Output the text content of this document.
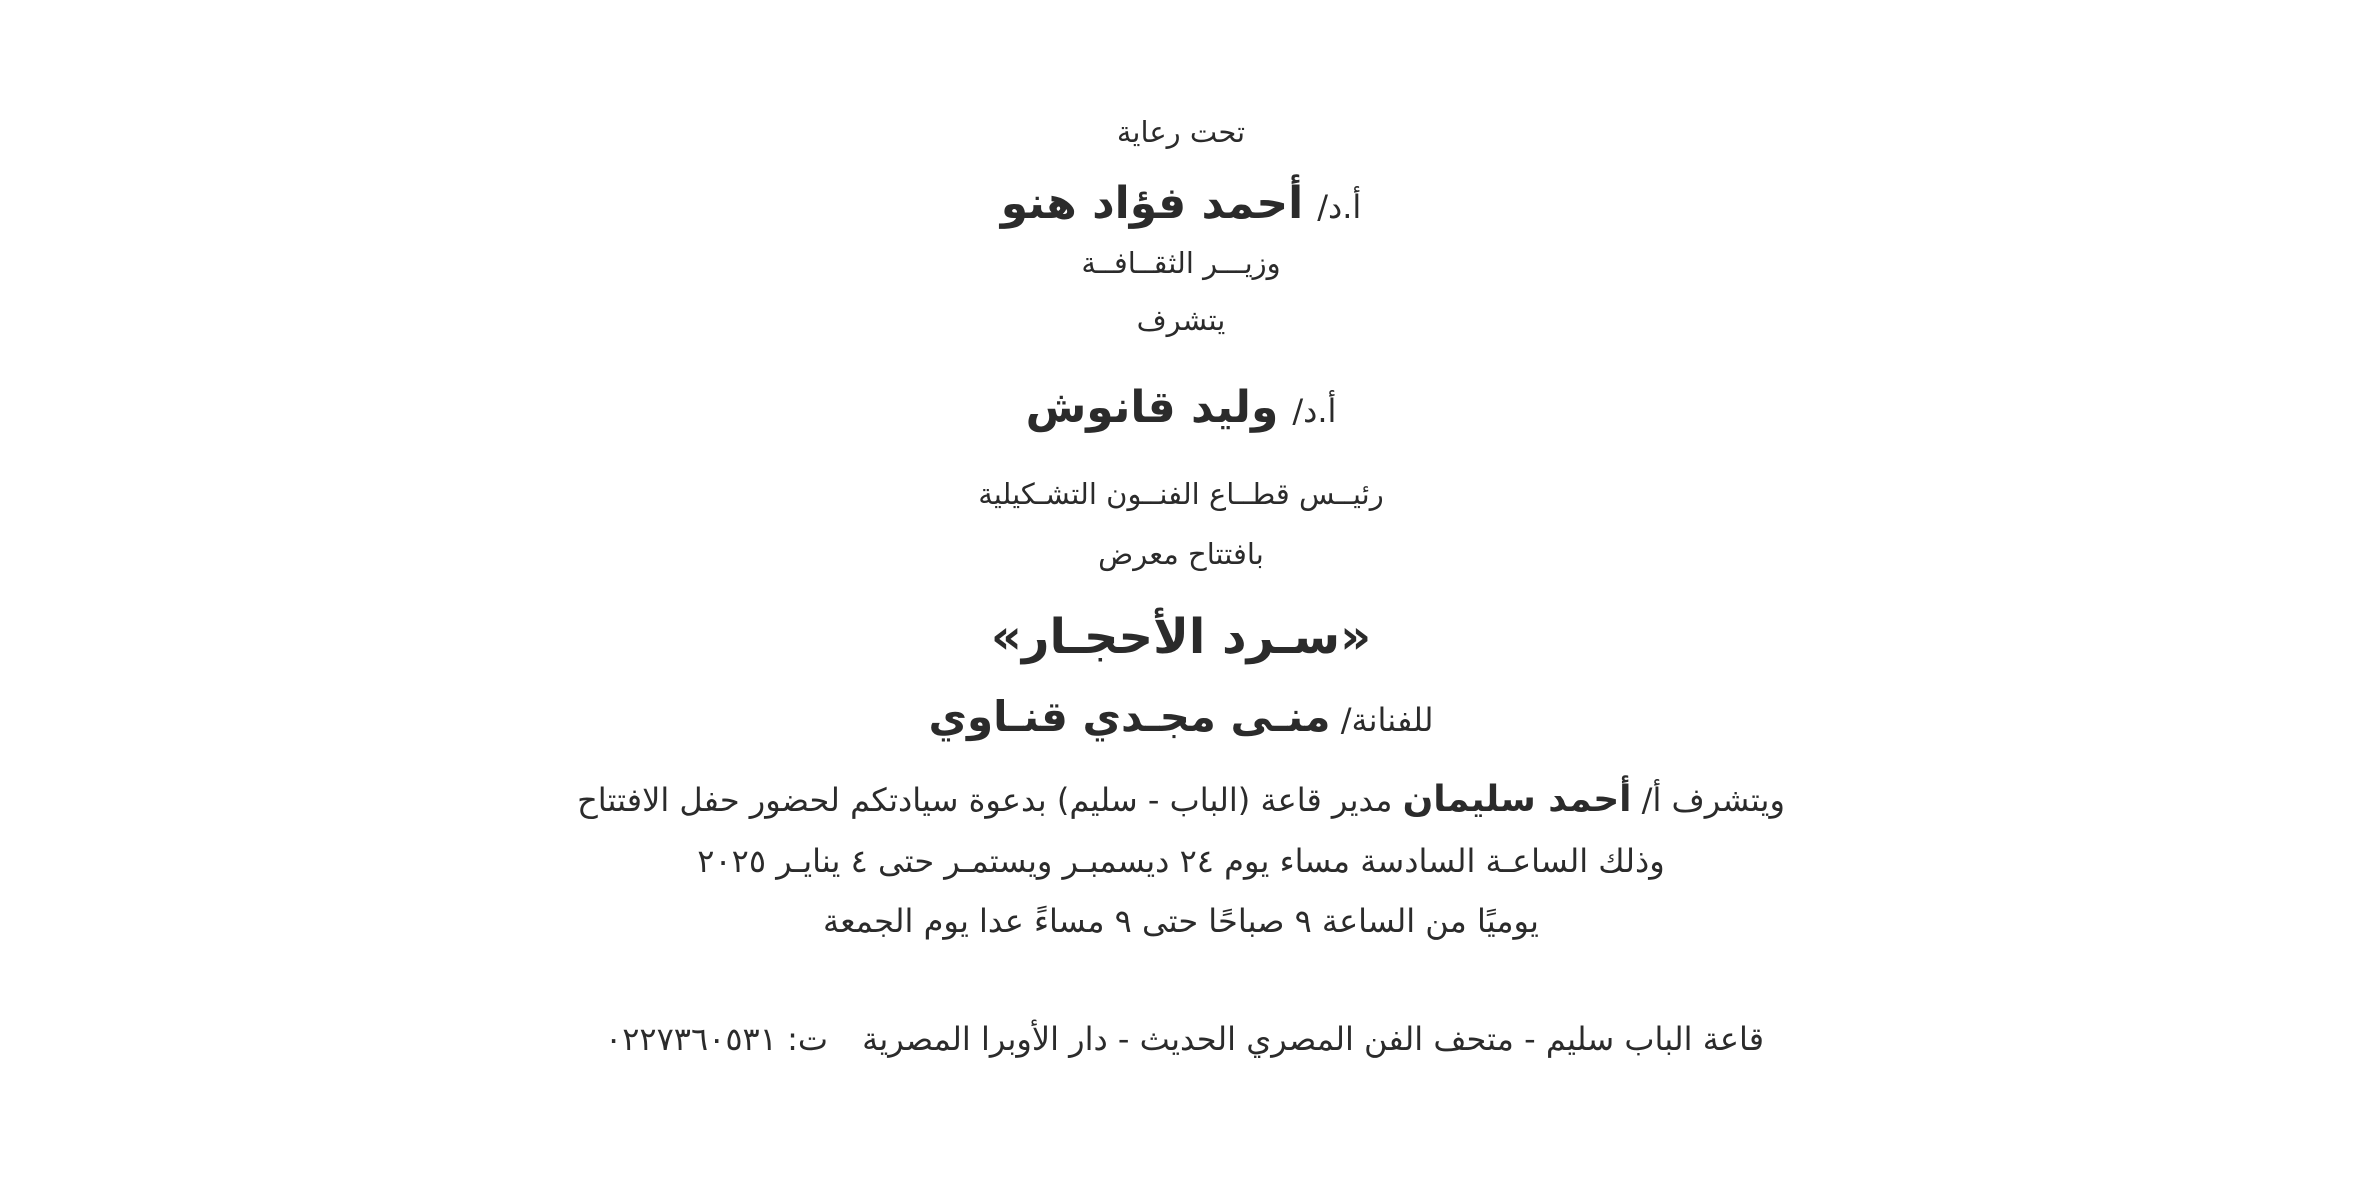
تحت رعاية
أ.د/ أحمد فؤاد هنو
وزيـــر الثقــافــة
يتشرف
أ.د/ وليد قانوش
رئيــس قطــاع الفنــون التشـكيلية
بافتتاح معرض
«سـرد الأحجـار»
للفنانة/ منـى مجـدي قنـاوي
ويتشرف أ/ أحمد سليمان مدير قاعة (الباب - سليم) بدعوة سيادتكم لحضور حفل الافتتاح
وذلك الساعـة السادسة مساء يوم ٢٤ ديسمبـر ويستمـر حتى ٤ ينايـر ٢٠٢٥
يوميًا من الساعة ٩ صباحًا حتى ٩ مساءً عدا يوم الجمعة
قاعة الباب سليم - متحف الفن المصري الحديث - دار الأوبرا المصرية
ت: ٠٢٢٧٣٦٠٥٣١
